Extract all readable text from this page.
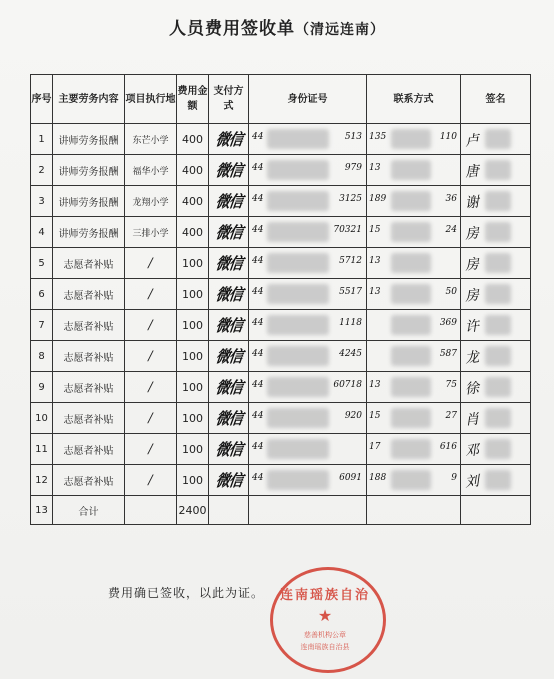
人员费用签收单（清远连南）
序号	主要劳务内容	项目执行地	费用金额	支付方式	身份证号	联系方式	签名
1	讲师劳务报酬	东芒小学	400	微信	44 513	135 110	卢

2	讲师劳务报酬	福华小学	400	微信	44 979	13	唐

3	讲师劳务报酬	龙翔小学	400	微信	44 3125	189 36	谢

4	讲师劳务报酬	三排小学	400	微信	44 70321	15 24	房

5	志愿者补贴	/	100	微信	44 5712	13	房

6	志愿者补贴	/	100	微信	44 5517	13 50	房

7	志愿者补贴	/	100	微信	44 1118	369	许

8	志愿者补贴	/	100	微信	44 4245	587	龙

9	志愿者补贴	/	100	微信	44 60718	13 75	徐

10	志愿者补贴	/	100	微信	44 920	15 27	肖

11	志愿者补贴	/	100	微信	44	17 616	邓

12	志愿者补贴	/	100	微信	44 6091	188 9	刘

13	合计		2400				
费用确已签收，以此为证。	连南瑶族自治
★
慈善机构公章
连南瑶族自治县
